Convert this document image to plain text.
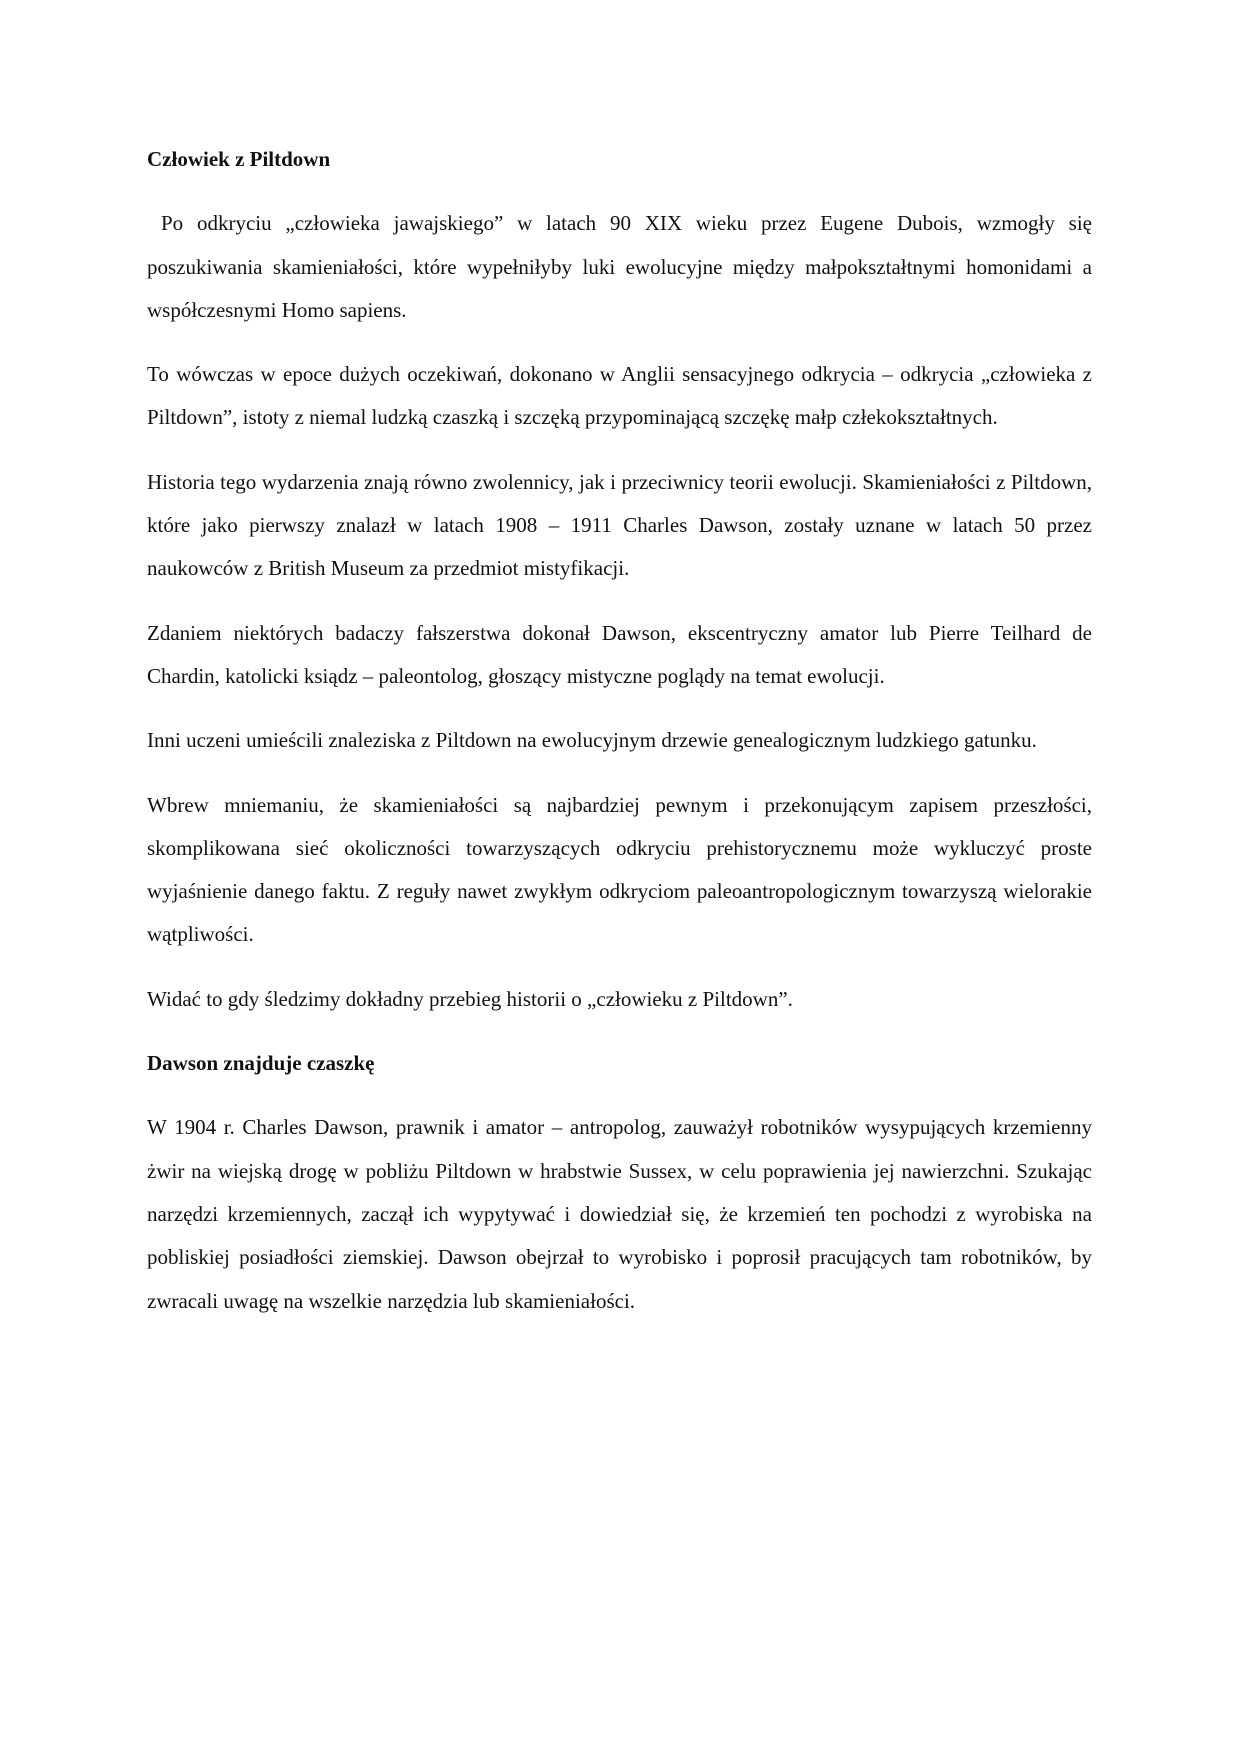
Człowiek z Piltdown

Po odkryciu „człowieka jawajskiego” w latach 90 XIX wieku przez Eugene Dubois, wzmogły się poszukiwania skamieniałości, które wypełniłyby luki ewolucyjne między małpokształtnymi homonidami a współczesnymi Homo sapiens.

To wówczas w epoce dużych oczekiwań, dokonano w Anglii sensacyjnego odkrycia – odkrycia „człowieka z Piltdown”, istoty z niemal ludzką czaszką i szczęką przypominającą szczękę małp człekokształtnych.

Historia tego wydarzenia znają równo zwolennicy, jak i przeciwnicy teorii ewolucji. Skamieniałości z Piltdown, które jako pierwszy znalazł w latach 1908 – 1911 Charles Dawson, zostały uznane w latach 50 przez naukowców z British Museum za przedmiot mistyfikacji.

Zdaniem niektórych badaczy fałszerstwa dokonał Dawson, ekscentryczny amator lub Pierre Teilhard de Chardin, katolicki ksiądz – paleontolog, głoszący mistyczne poglądy na temat ewolucji.

Inni uczeni umieścili znaleziska z Piltdown na ewolucyjnym drzewie genealogicznym ludzkiego gatunku.

Wbrew mniemaniu, że skamieniałości są najbardziej pewnym i przekonującym zapisem przeszłości, skomplikowana sieć okoliczności towarzyszących odkryciu prehistorycznemu może wykluczyć proste wyjaśnienie danego faktu. Z reguły nawet zwykłym odkryciom paleoantropologicznym towarzyszą wielorakie wątpliwości.

Widać to gdy śledzimy dokładny przebieg historii o „człowieku z Piltdown”.

Dawson znajduje czaszkę

W 1904 r. Charles Dawson, prawnik i amator – antropolog, zauważył robotników wysypujących krzemienny żwir na wiejską drogę w pobliżu Piltdown w hrabstwie Sussex, w celu poprawienia jej nawierzchni. Szukając narzędzi krzemiennych, zaczął ich wypytywać i dowiedział się, że krzemień ten pochodzi z wyrobiska na pobliskiej posiadłości ziemskiej. Dawson obejrzał to wyrobisko i poprosił pracujących tam robotników, by zwracali uwagę na wszelkie narzędzia lub skamieniałości.
